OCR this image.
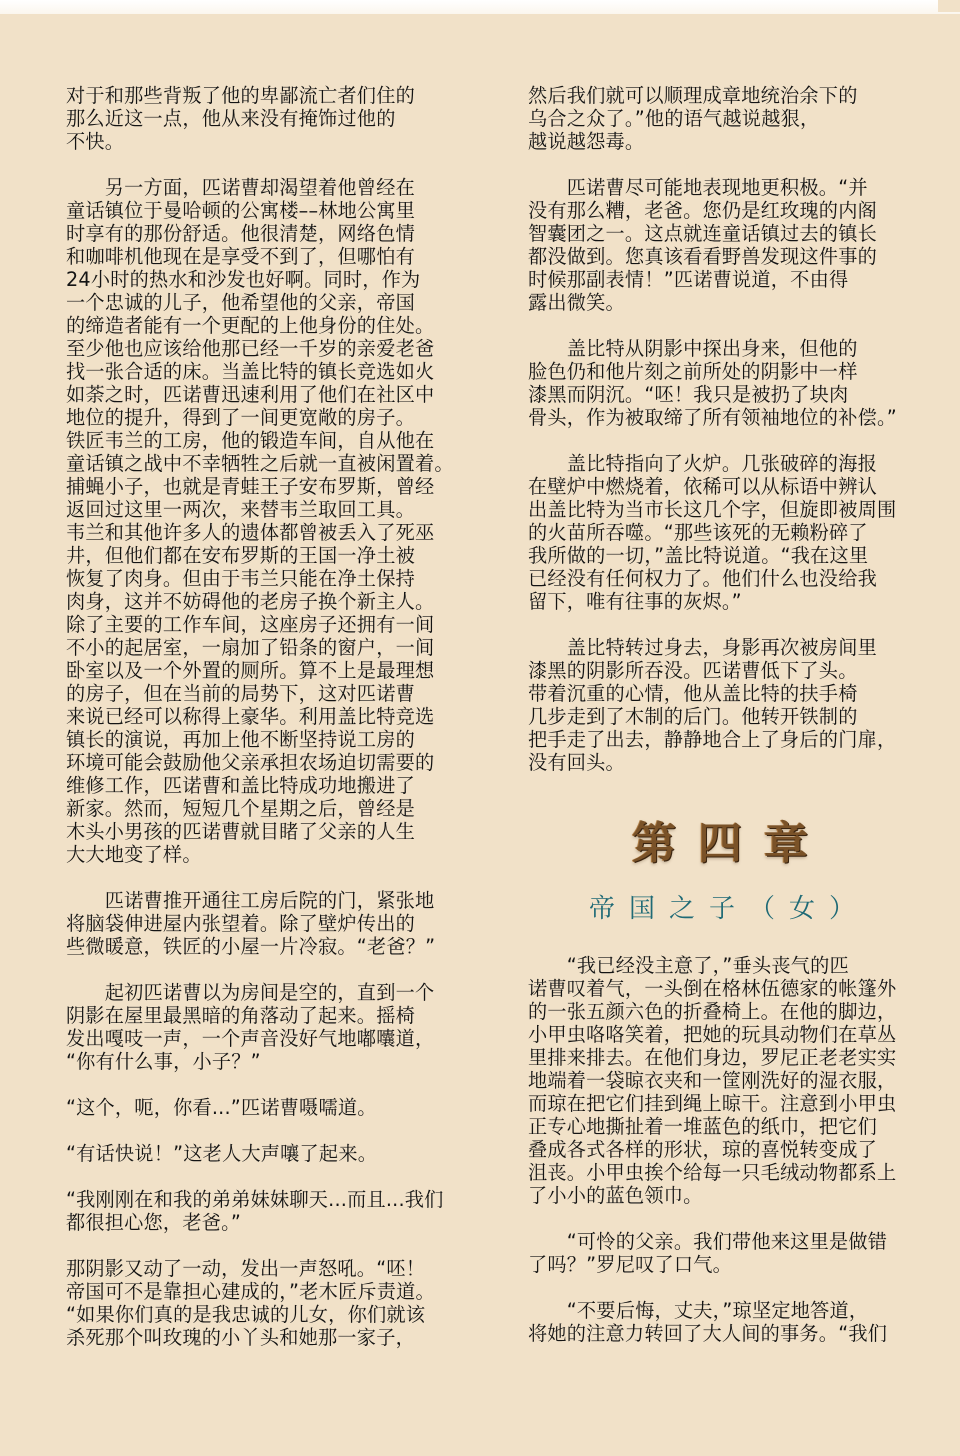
对于和那些背叛了他的卑鄙流亡者们住的
那么近这一点，他从来没有掩饰过他的
不快。

　　另一方面，匹诺曹却渴望着他曾经在
童话镇位于曼哈顿的公寓楼––林地公寓里
时享有的那份舒适。他很清楚，网络色情
和咖啡机他现在是享受不到了，但哪怕有
24小时的热水和沙发也好啊。同时，作为
一个忠诚的儿子，他希望他的父亲，帝国
的缔造者能有一个更配的上他身份的住处。
至少他也应该给他那已经一千岁的亲爱老爸
找一张合适的床。当盖比特的镇长竞选如火
如荼之时，匹诺曹迅速利用了他们在社区中
地位的提升，得到了一间更宽敞的房子。
铁匠韦兰的工房，他的锻造车间，自从他在
童话镇之战中不幸牺牲之后就一直被闲置着。
捕蝇小子，也就是青蛙王子安布罗斯，曾经
返回过这里一两次，来替韦兰取回工具。
韦兰和其他许多人的遗体都曾被丢入了死巫
井，但他们都在安布罗斯的王国一净土被
恢复了肉身。但由于韦兰只能在净土保持
肉身，这并不妨碍他的老房子换个新主人。
除了主要的工作车间，这座房子还拥有一间
不小的起居室，一扇加了铅条的窗户，一间
卧室以及一个外置的厕所。算不上是最理想
的房子，但在当前的局势下，这对匹诺曹
来说已经可以称得上豪华。利用盖比特竞选
镇长的演说，再加上他不断坚持说工房的
环境可能会鼓励他父亲承担农场迫切需要的
维修工作，匹诺曹和盖比特成功地搬进了
新家。然而，短短几个星期之后，曾经是
木头小男孩的匹诺曹就目睹了父亲的人生
大大地变了样。

　　匹诺曹推开通往工房后院的门，紧张地
将脑袋伸进屋内张望着。除了壁炉传出的
些微暖意，铁匠的小屋一片冷寂。“老爸？”

　　起初匹诺曹以为房间是空的，直到一个
阴影在屋里最黑暗的角落动了起来。摇椅
发出嘎吱一声，一个声音没好气地嘟囔道，
“你有什么事，小子？”

“这个，呃，你看...”匹诺曹嗫嚅道。

“有话快说！”这老人大声嚷了起来。

“我刚刚在和我的弟弟妹妹聊天...而且...我们
都很担心您，老爸。”

那阴影又动了一动，发出一声怒吼。“呸！
帝国可不是靠担心建成的，”老木匠斥责道。
“如果你们真的是我忠诚的儿女，你们就该
杀死那个叫玫瑰的小丫头和她那一家子，

然后我们就可以顺理成章地统治余下的
乌合之众了。”他的语气越说越狠，
越说越怨毒。

　　匹诺曹尽可能地表现地更积极。“并
没有那么糟，老爸。您仍是红玫瑰的内阁
智囊团之一。这点就连童话镇过去的镇长
都没做到。您真该看看野兽发现这件事的
时候那副表情！”匹诺曹说道，不由得
露出微笑。

　　盖比特从阴影中探出身来，但他的
脸色仍和他片刻之前所处的阴影中一样
漆黑而阴沉。“呸！我只是被扔了块肉
骨头，作为被取缔了所有领袖地位的补偿。”

　　盖比特指向了火炉。几张破碎的海报
在壁炉中燃烧着，依稀可以从标语中辨认
出盖比特为当市长这几个字，但旋即被周围
的火苗所吞噬。“那些该死的无赖粉碎了
我所做的一切，”盖比特说道。“我在这里
已经没有任何权力了。他们什么也没给我
留下，唯有往事的灰烬。”

　　盖比特转过身去，身影再次被房间里
漆黑的阴影所吞没。匹诺曹低下了头。
带着沉重的心情，他从盖比特的扶手椅
几步走到了木制的后门。他转开铁制的
把手走了出去，静静地合上了身后的门扉，
没有回头。

第四章
帝国之子（女）

　　“我已经没主意了，”垂头丧气的匹
诺曹叹着气，一头倒在格林伍德家的帐篷外
的一张五颜六色的折叠椅上。在他的脚边，
小甲虫咯咯笑着，把她的玩具动物们在草丛
里排来排去。在他们身边，罗尼正老老实实
地端着一袋晾衣夹和一筐刚洗好的湿衣服，
而琼在把它们挂到绳上晾干。注意到小甲虫
正专心地撕扯着一堆蓝色的纸巾，把它们
叠成各式各样的形状，琼的喜悦转变成了
沮丧。小甲虫挨个给每一只毛绒动物都系上
了小小的蓝色领巾。

　　“可怜的父亲。我们带他来这里是做错
了吗？”罗尼叹了口气。

　　“不要后悔，丈夫，”琼坚定地答道，
将她的注意力转回了大人间的事务。“我们
